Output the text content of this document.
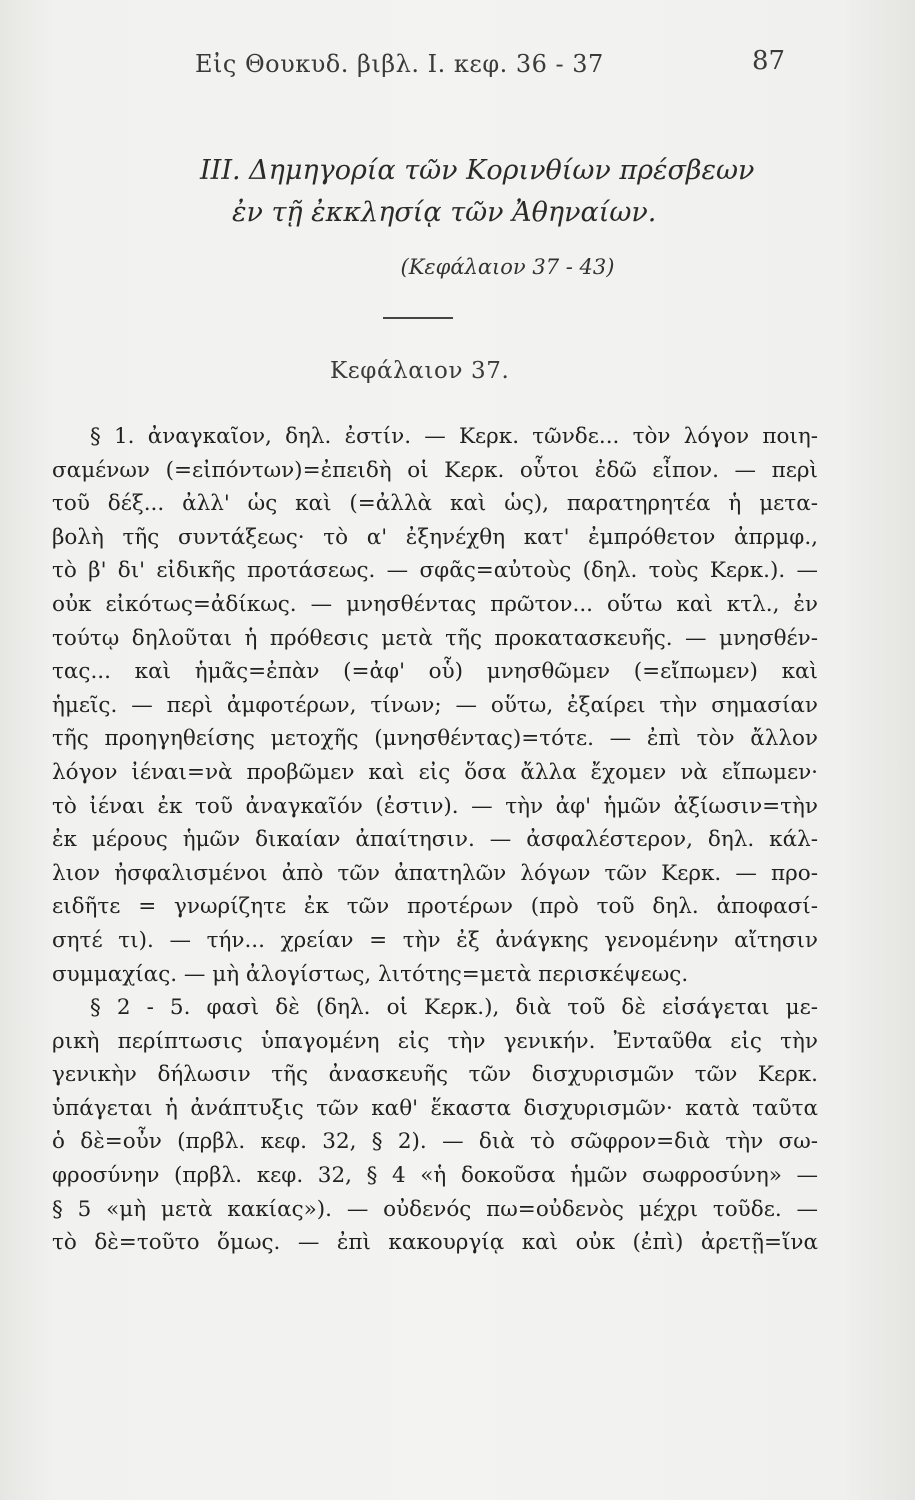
Εἰς Θουκυδ. βιβλ. I. κεφ. 36 - 37	87
ΙΙΙ. Δημηγορία τῶν Κορινθίων πρέσβεων
ἐν τῇ ἐκκλησίᾳ τῶν Ἀθηναίων.
(Κεφάλαιον 37 - 43)
Κεφάλαιον 37.
§ 1. ἀναγκαῖον, δηλ. ἐστίν. — Κερκ. τῶνδε... τὸν λόγον ποιη-
σαμένων (=εἰπόντων)=ἐπειδὴ οἱ Κερκ. οὗτοι ἐδῶ εἶπον. — περὶ
τοῦ δέξ... ἀλλ' ὡς καὶ (=ἀλλὰ καὶ ὡς), παρατηρητέα ἡ μετα-
βολὴ τῆς συντάξεως· τὸ α' ἐξηνέχθη κατ' ἐμπρόθετον ἀπρμφ.,
τὸ β' δι' εἰδικῆς προτάσεως. — σφᾶς=αὐτοὺς (δηλ. τοὺς Κερκ.). —
οὐκ εἰκότως=ἀδίκως. — μνησθέντας πρῶτον... οὕτω καὶ κτλ., ἐν
τούτῳ δηλοῦται ἡ πρόθεσις μετὰ τῆς προκατασκευῆς. — μνησθέν-
τας... καὶ ἡμᾶς=ἐπὰν (=ἀφ' οὗ) μνησθῶμεν (=εἴπωμεν) καὶ
ἡμεῖς. — περὶ ἀμφοτέρων, τίνων; — οὕτω, ἐξαίρει τὴν σημασίαν
τῆς προηγηθείσης μετοχῆς (μνησθέντας)=τότε. — ἐπὶ τὸν ἄλλον
λόγον ἰέναι=νὰ προβῶμεν καὶ εἰς ὅσα ἄλλα ἔχομεν νὰ εἴπωμεν·
τὸ ἰέναι ἐκ τοῦ ἀναγκαῖόν (ἐστιν). — τὴν ἀφ' ἡμῶν ἀξίωσιν=τὴν
ἐκ μέρους ἡμῶν δικαίαν ἀπαίτησιν. — ἀσφαλέστερον, δηλ. κάλ-
λιον ἠσφαλισμένοι ἀπὸ τῶν ἀπατηλῶν λόγων τῶν Κερκ. — προ-
ειδῆτε = γνωρίζητε ἐκ τῶν προτέρων (πρὸ τοῦ δηλ. ἀποφασί-
σητέ τι). — τήν... χρείαν = τὴν ἐξ ἀνάγκης γενομένην αἴτησιν
συμμαχίας. — μὴ ἀλογίστως, λιτότης=μετὰ περισκέψεως.
§ 2 - 5. φασὶ δὲ (δηλ. οἱ Κερκ.), διὰ τοῦ δὲ εἰσάγεται με-
ρικὴ περίπτωσις ὑπαγομένη εἰς τὴν γενικήν. Ἐνταῦθα εἰς τὴν
γενικὴν δήλωσιν τῆς ἀνασκευῆς τῶν δισχυρισμῶν τῶν Κερκ.
ὑπάγεται ἡ ἀνάπτυξις τῶν καθ' ἕκαστα δισχυρισμῶν· κατὰ ταῦτα
ὁ δὲ=οὖν (πρβλ. κεφ. 32, § 2). — διὰ τὸ σῶφρον=διὰ τὴν σω-
φροσύνην (πρβλ. κεφ. 32, § 4 «ἡ δοκοῦσα ἡμῶν σωφροσύνη» —
§ 5 «μὴ μετὰ κακίας»). — οὐδενός πω=οὐδενὸς μέχρι τοῦδε. —
τὸ δὲ=τοῦτο ὅμως. — ἐπὶ κακουργίᾳ καὶ οὐκ (ἐπὶ) ἀρετῇ=ἵνα
